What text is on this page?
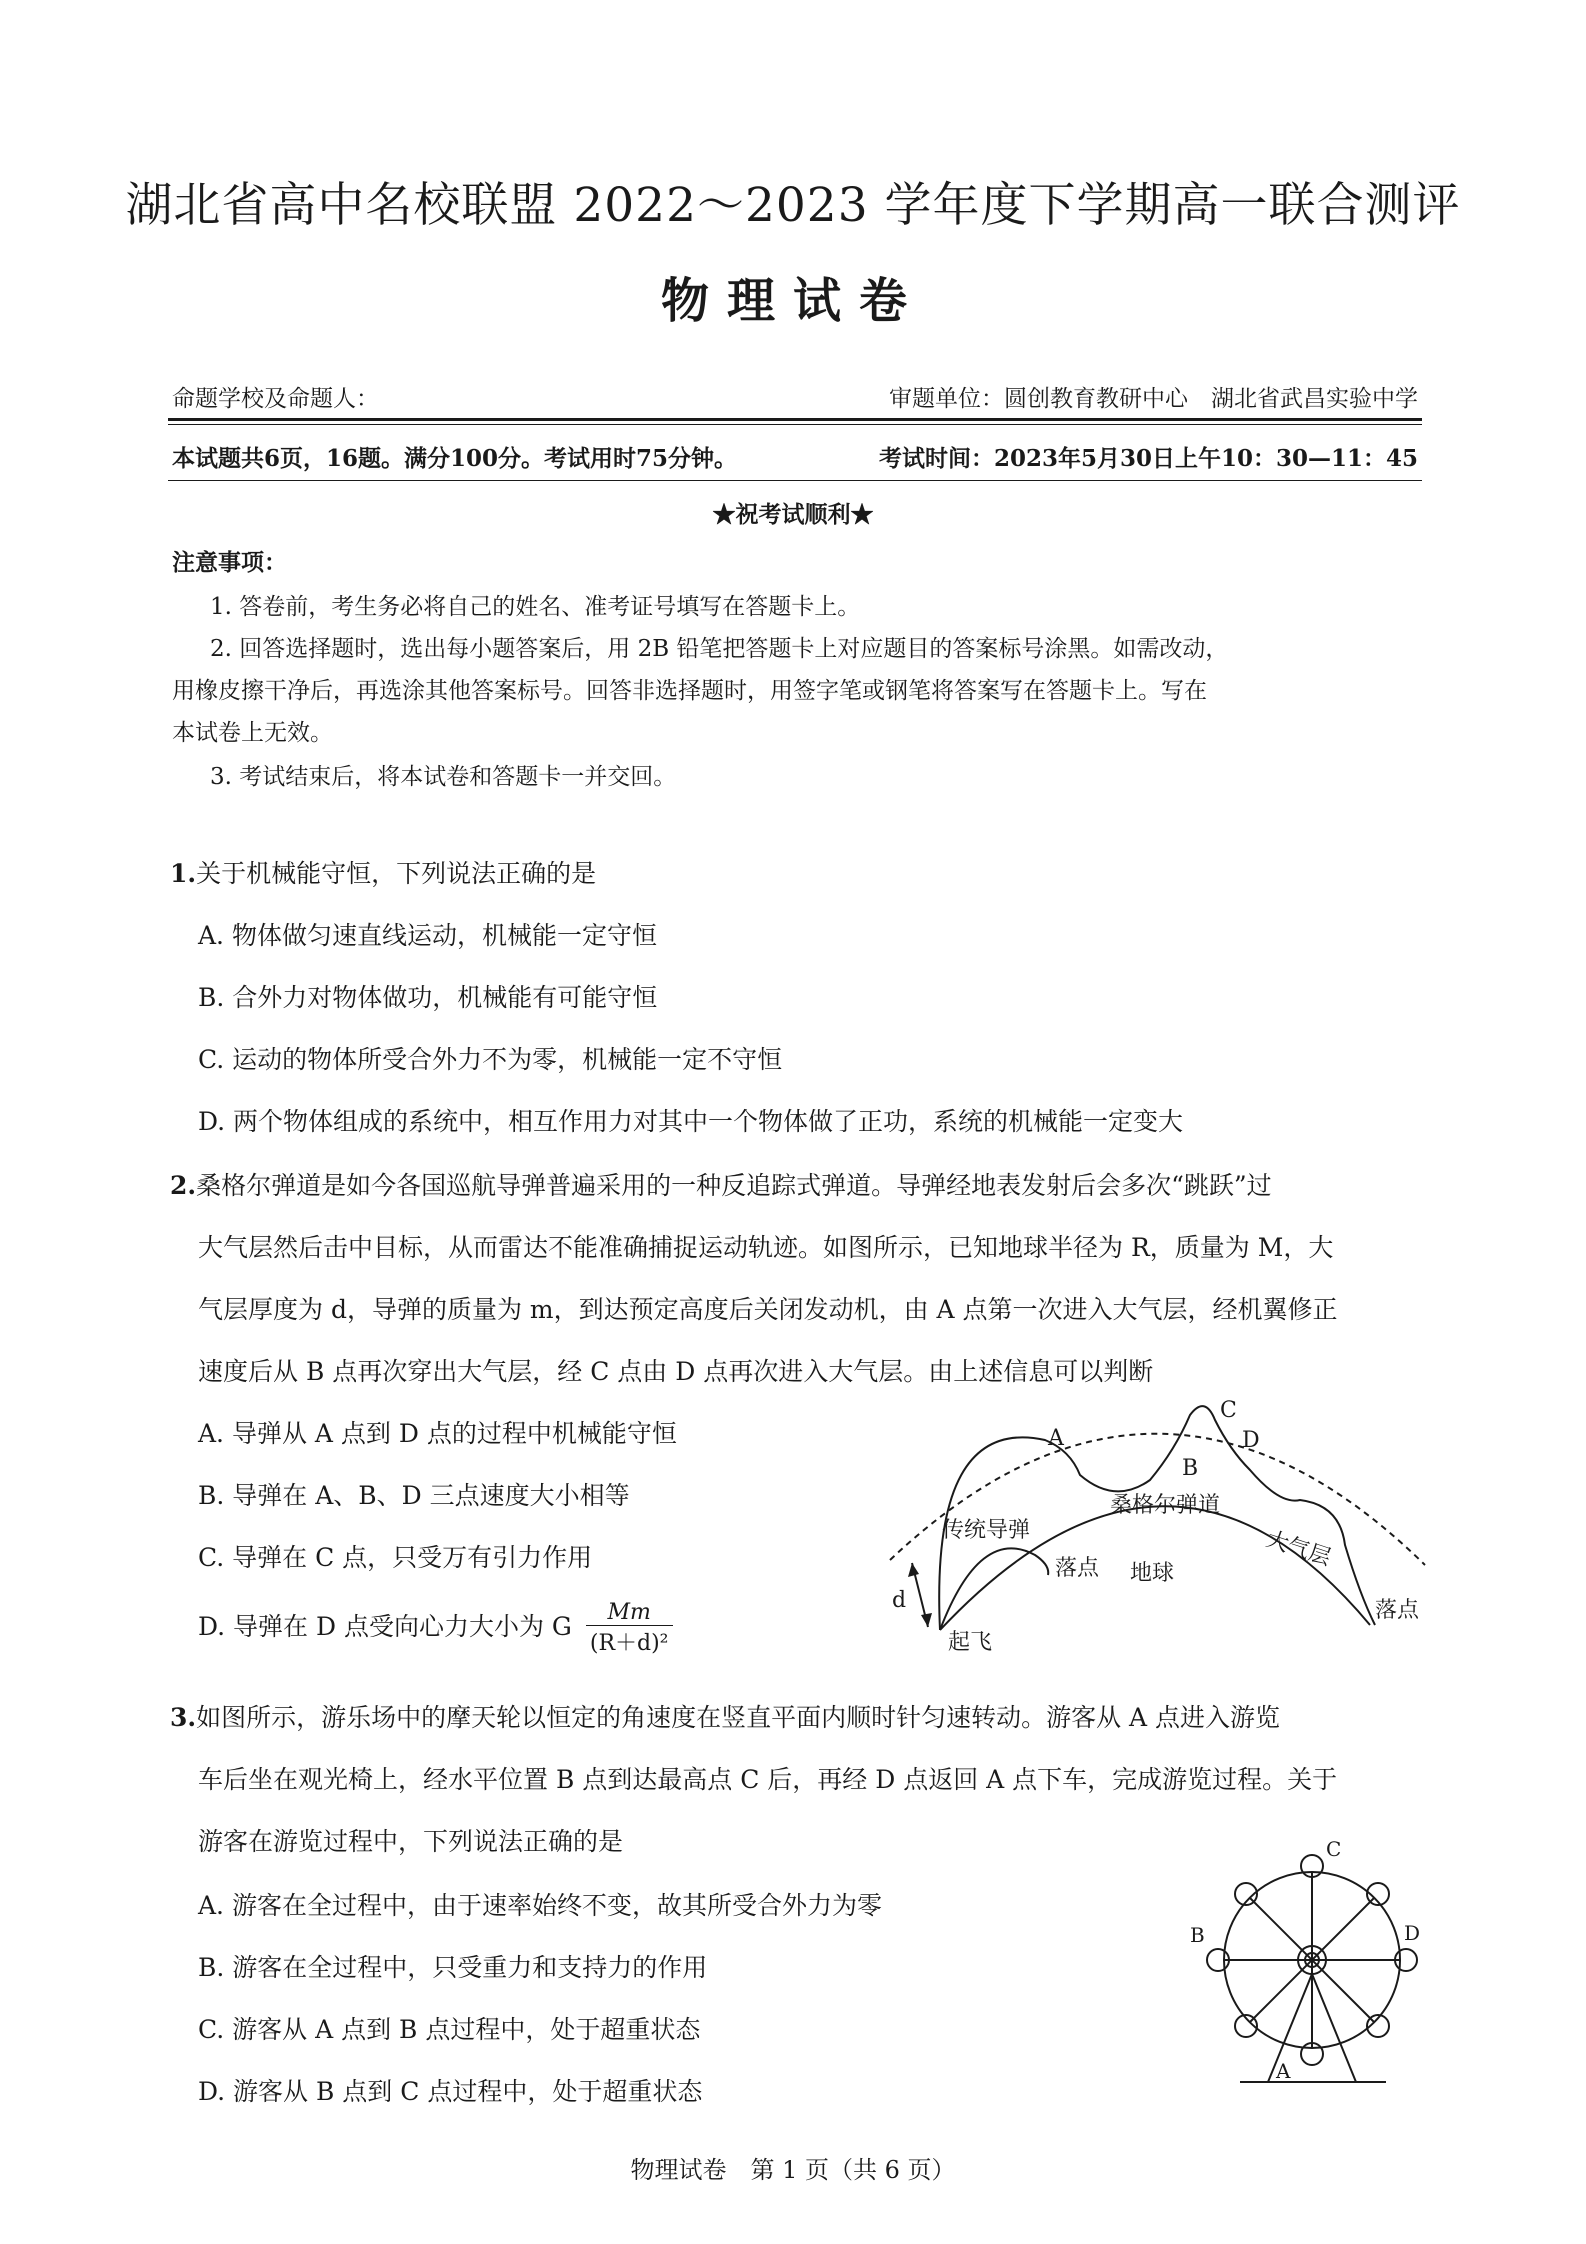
湖北省高中名校联盟 2022～2023 学年度下学期高一联合测评
物理试卷
命题学校及命题人：	审题单位：圆创教育教研中心　湖北省武昌实验中学
本试题共6页，16题。满分100分。考试用时75分钟。	考试时间：2023年5月30日上午10：30—11：45
★祝考试顺利★
注意事项：
1. 答卷前，考生务必将自己的姓名、准考证号填写在答题卡上。
2. 回答选择题时，选出每小题答案后，用 2B 铅笔把答题卡上对应题目的答案标号涂黑。如需改动，
用橡皮擦干净后，再选涂其他答案标号。回答非选择题时，用签字笔或钢笔将答案写在答题卡上。写在
本试卷上无效。
3. 考试结束后，将本试卷和答题卡一并交回。
1.关于机械能守恒，下列说法正确的是
A. 物体做匀速直线运动，机械能一定守恒
B. 合外力对物体做功，机械能有可能守恒
C. 运动的物体所受合外力不为零，机械能一定不守恒
D. 两个物体组成的系统中，相互作用力对其中一个物体做了正功，系统的机械能一定变大
2.桑格尔弹道是如今各国巡航导弹普遍采用的一种反追踪式弹道。导弹经地表发射后会多次“跳跃”过
大气层然后击中目标，从而雷达不能准确捕捉运动轨迹。如图所示，已知地球半径为 R，质量为 M，大
气层厚度为 d，导弹的质量为 m，到达预定高度后关闭发动机，由 A 点第一次进入大气层，经机翼修正
速度后从 B 点再次穿出大气层，经 C 点由 D 点再次进入大气层。由上述信息可以判断
A. 导弹从 A 点到 D 点的过程中机械能守恒
B. 导弹在 A、B、D 三点速度大小相等
C. 导弹在 C 点，只受万有引力作用
D. 导弹在 D 点受向心力大小为 G $\frac{Mm}{\text{(R＋d)²}}$	d
A
B
C
D
传统导弹
桑格尔弹道
大气层
落点 地球
落点
起飞
3.如图所示，游乐场中的摩天轮以恒定的角速度在竖直平面内顺时针匀速转动。游客从 A 点进入游览
车后坐在观光椅上，经水平位置 B 点到达最高点 C 后，再经 D 点返回 A 点下车，完成游览过程。关于
游客在游览过程中，下列说法正确的是
A. 游客在全过程中，由于速率始终不变，故其所受合外力为零
B. 游客在全过程中，只受重力和支持力的作用
C. 游客从 A 点到 B 点过程中，处于超重状态
D. 游客从 B 点到 C 点过程中，处于超重状态
C
B	D
A
物理试卷　第 1 页（共 6 页）
